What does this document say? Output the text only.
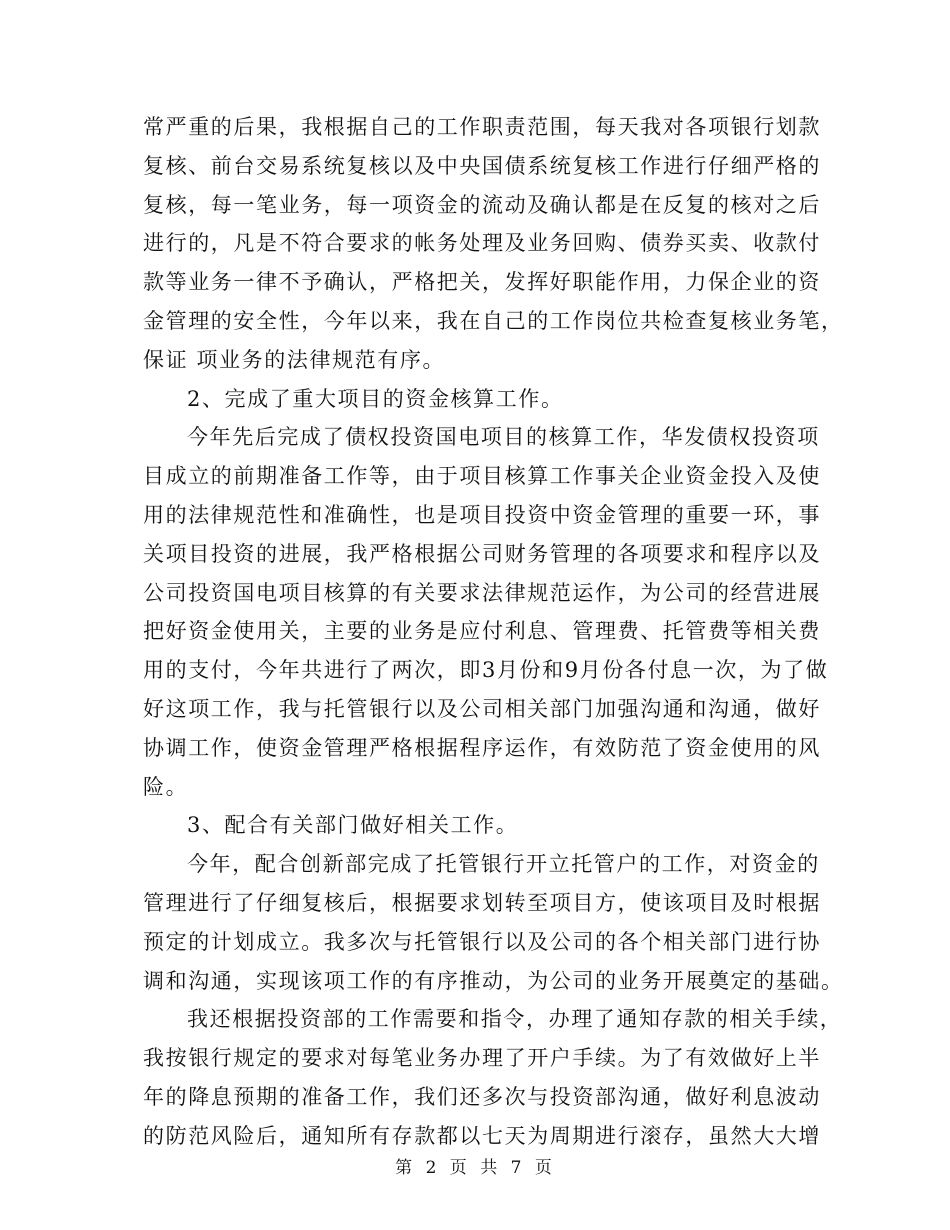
常严重的后果，我根据自己的工作职责范围，每天我对各项银行划款
复核、前台交易系统复核以及中央国债系统复核工作进行仔细严格的
复核，每一笔业务，每一项资金的流动及确认都是在反复的核对之后
进行的，凡是不符合要求的帐务处理及业务回购、债券买卖、收款付
款等业务一律不予确认，严格把关，发挥好职能作用，力保企业的资
金管理的安全性，今年以来，我在自己的工作岗位共检查复核业务笔，
保证 项业务的法律规范有序。
2、完成了重大项目的资金核算工作。
今年先后完成了债权投资国电项目的核算工作，华发债权投资项
目成立的前期准备工作等，由于项目核算工作事关企业资金投入及使
用的法律规范性和准确性，也是项目投资中资金管理的重要一环，事
关项目投资的进展，我严格根据公司财务管理的各项要求和程序以及
公司投资国电项目核算的有关要求法律规范运作，为公司的经营进展
把好资金使用关，主要的业务是应付利息、管理费、托管费等相关费
用的支付，今年共进行了两次，即3月份和9月份各付息一次，为了做
好这项工作，我与托管银行以及公司相关部门加强沟通和沟通，做好
协调工作，使资金管理严格根据程序运作，有效防范了资金使用的风
险。
3、配合有关部门做好相关工作。
今年，配合创新部完成了托管银行开立托管户的工作，对资金的
管理进行了仔细复核后，根据要求划转至项目方，使该项目及时根据
预定的计划成立。我多次与托管银行以及公司的各个相关部门进行协
调和沟通，实现该项工作的有序推动，为公司的业务开展奠定的基础。
我还根据投资部的工作需要和指令，办理了通知存款的相关手续，
我按银行规定的要求对每笔业务办理了开户手续。为了有效做好上半
年的降息预期的准备工作，我们还多次与投资部沟通，做好利息波动
的防范风险后，通知所有存款都以七天为周期进行滚存，虽然大大增
第 2 页 共 7 页
